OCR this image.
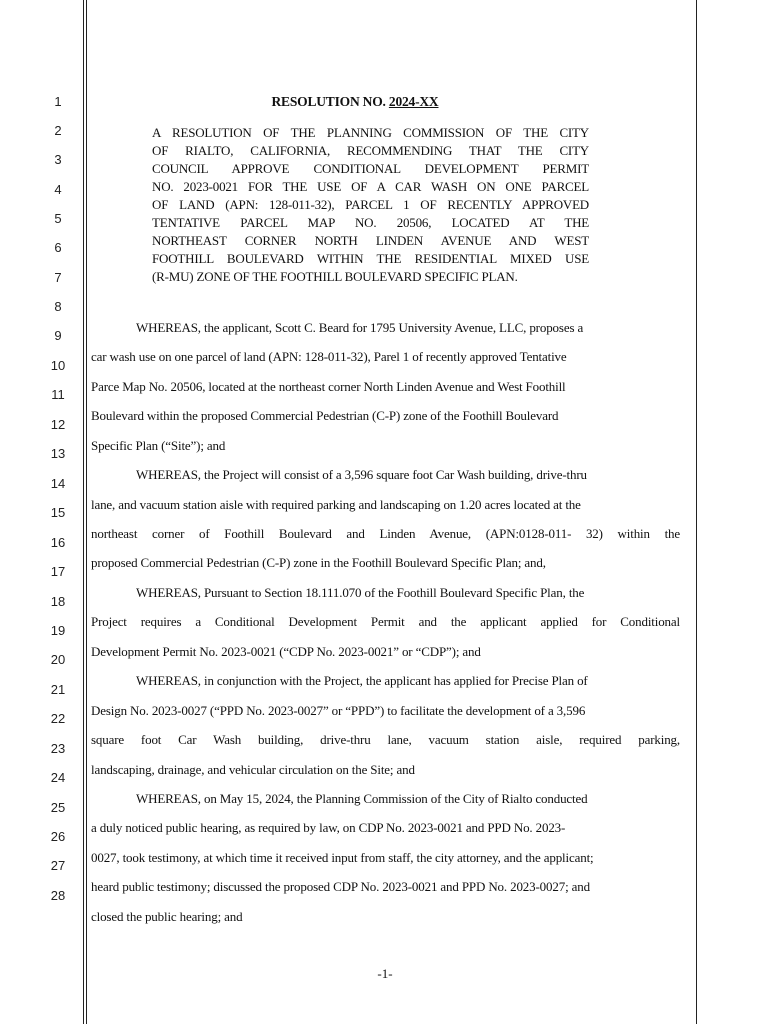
1
2
3
4
5
6
7
8
9
10
11
12
13
14
15
16
17
18
19
20
21
22
23
24
25
26
27
28
RESOLUTION NO. 2024-XX
A RESOLUTION OF THE PLANNING COMMISSION OF THE CITY
OF RIALTO, CALIFORNIA, RECOMMENDING THAT THE CITY
COUNCIL APPROVE CONDITIONAL DEVELOPMENT PERMIT
NO. 2023-0021 FOR THE USE OF A CAR WASH ON ONE PARCEL
OF LAND (APN: 128-011-32), PARCEL 1 OF RECENTLY APPROVED
TENTATIVE PARCEL MAP NO. 20506, LOCATED AT THE
NORTHEAST CORNER NORTH LINDEN AVENUE AND WEST
FOOTHILL BOULEVARD WITHIN THE RESIDENTIAL MIXED USE
(R-MU) ZONE OF THE FOOTHILL BOULEVARD SPECIFIC PLAN.
WHEREAS, the applicant, Scott C. Beard for 1795 University Avenue, LLC, proposes a
car wash use on one parcel of land (APN: 128-011-32), Parel 1 of recently approved Tentative
Parce Map No. 20506, located at the northeast corner North Linden Avenue and West Foothill
Boulevard within the proposed Commercial Pedestrian (C-P) zone of the Foothill Boulevard
Specific Plan (“Site”); and
WHEREAS, the Project will consist of a 3,596 square foot Car Wash building, drive-thru
lane, and vacuum station aisle with required parking and landscaping on 1.20 acres located at the
northeast corner of Foothill Boulevard and Linden Avenue, (APN:0128-011- 32) within the
proposed Commercial Pedestrian (C-P) zone in the Foothill Boulevard Specific Plan; and,
WHEREAS, Pursuant to Section 18.111.070 of the Foothill Boulevard Specific Plan, the
Project requires a Conditional Development Permit and the applicant applied for Conditional
Development Permit No. 2023-0021 (“CDP No. 2023-0021” or “CDP”); and
WHEREAS, in conjunction with the Project, the applicant has applied for Precise Plan of
Design No. 2023-0027 (“PPD No. 2023-0027” or “PPD”) to facilitate the development of a 3,596
square foot Car Wash building, drive-thru lane, vacuum station aisle, required parking,
landscaping, drainage, and vehicular circulation on the Site; and
WHEREAS, on May 15, 2024, the Planning Commission of the City of Rialto conducted
a duly noticed public hearing, as required by law, on CDP No. 2023-0021 and PPD No. 2023-
0027, took testimony, at which time it received input from staff, the city attorney, and the applicant;
heard public testimony; discussed the proposed CDP No. 2023-0021 and PPD No. 2023-0027; and
closed the public hearing; and
-1-
